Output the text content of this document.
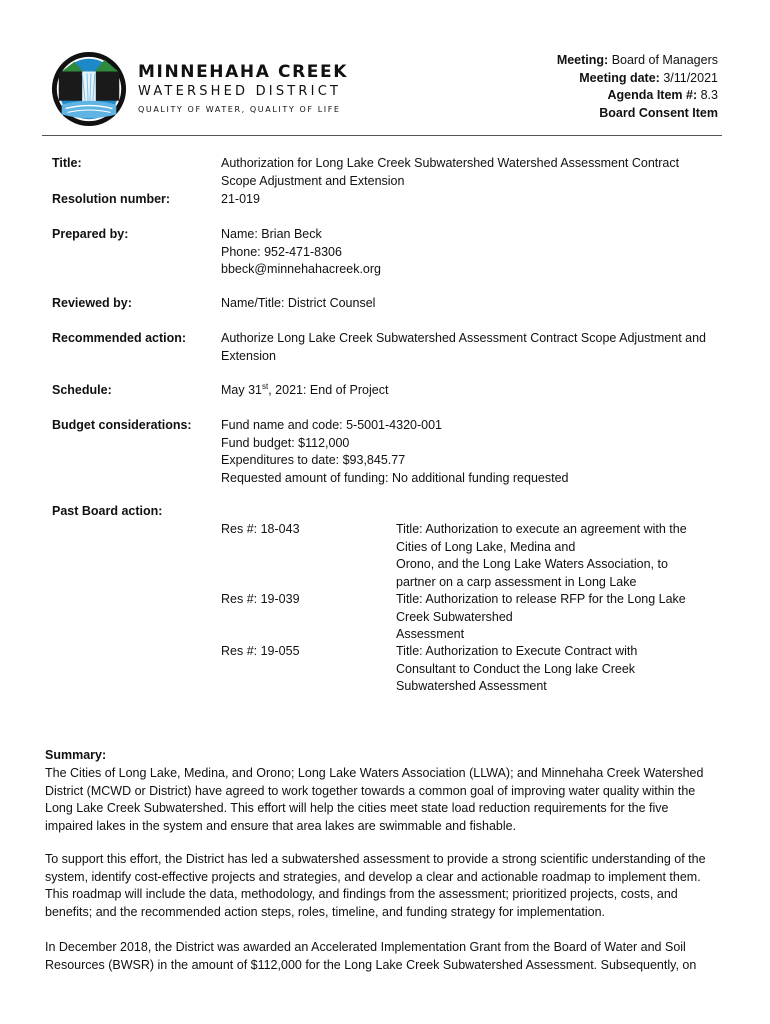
MINNEHAHA CREEK
WATERSHED DISTRICT
QUALITY OF WATER, QUALITY OF LIFE
Meeting: Board of Managers
Meeting date: 3/11/2021
Agenda Item #: 8.3
Board Consent Item
Title:	Authorization for Long Lake Creek Subwatershed Watershed Assessment Contract
Scope Adjustment and Extension
Resolution number:	21-019
Prepared by:	Name: Brian Beck
Phone: 952-471-8306
bbeck@minnehahacreek.org
Reviewed by:	Name/Title: District Counsel
Recommended action:	Authorize Long Lake Creek Subwatershed Assessment Contract Scope Adjustment and
Extension
Schedule:	May 31st, 2021: End of Project
Budget considerations: Fund name and code: 5-5001-4320-001
Fund budget: $112,000
Expenditures to date: $93,845.77
Requested amount of funding: No additional funding requested
Past Board action:
Res #: 18-043	Title: Authorization to execute an agreement with the
Cities of Long Lake, Medina and
Orono, and the Long Lake Waters Association, to
partner on a carp assessment in Long Lake
Res #: 19-039	Title: Authorization to release RFP for the Long Lake
Creek Subwatershed
Assessment
Res #: 19-055	Title: Authorization to Execute Contract with
Consultant to Conduct the Long lake Creek
Subwatershed Assessment
Summary:
The Cities of Long Lake, Medina, and Orono; Long Lake Waters Association (LLWA); and Minnehaha Creek Watershed
District (MCWD or District) have agreed to work together towards a common goal of improving water quality within the
Long Lake Creek Subwatershed. This effort will help the cities meet state load reduction requirements for the five
impaired lakes in the system and ensure that area lakes are swimmable and fishable.
To support this effort, the District has led a subwatershed assessment to provide a strong scientific understanding of the
system, identify cost-effective projects and strategies, and develop a clear and actionable roadmap to implement them.
This roadmap will include the data, methodology, and findings from the assessment; prioritized projects, costs, and
benefits; and the recommended action steps, roles, timeline, and funding strategy for implementation.
In December 2018, the District was awarded an Accelerated Implementation Grant from the Board of Water and Soil
Resources (BWSR) in the amount of $112,000 for the Long Lake Creek Subwatershed Assessment. Subsequently, on
